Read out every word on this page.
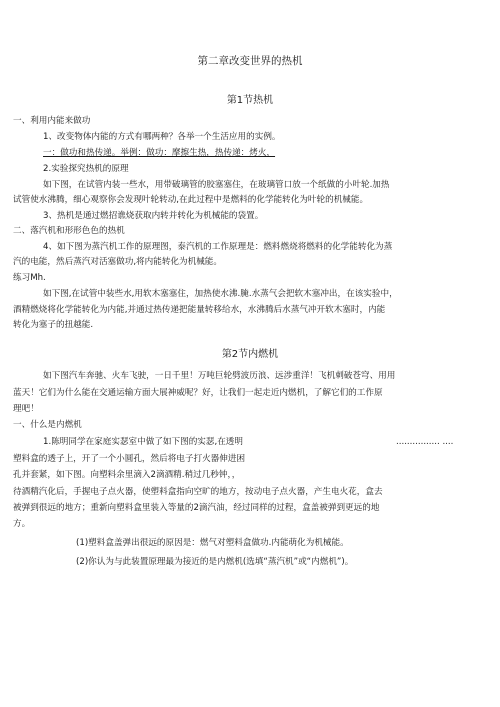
第二章改变世界的热机
第1节热机
一、利用内能来做功
1、改变物体内能的方式有哪两种？各举一个生活应用的实例。
一：做功和热传递。举例：做功：摩擦生热，热传递：烤火，
2.实验探究热机的原理
如下图，在试管内装一些水，用带破璃管的胶塞塞住，在玻璃管口放一个纸做的小叶轮.加热
试管使水沸腾，细心观察你会发现叶轮转动,在此过程中是燃料的化学能转化为叶轮的机械能。
3、热机是通过燃招谯烧获取内转并转化为机械能的袋置。
二、落汽机和形形色色的热机
4、如下图为蒸汽机工作的原理图，泰汽机的工作原理是：燃料燃烧将燃料的化学能转化为蒸
汽的电能，然后蒸汽对活塞做功,将内能转化为机械能。
练习Mh.
如下图,在试管中装些水,用软木塞塞住，加热使水沸.腌.水蒸气会把软木塞冲出，在该实验中，
酒精燃烧将化学能转化为内能,并通过热传递把能量转移给水，水沸腾后水蒸气冲开软木塞时，内能
转化为塞子的扭越能.
第2节内燃机
如下图汽车奔驰、火车飞驶，一日千里！万吨巨轮劈波历浪、远涉重洋！飞机刺破苍穹、用用
蓝天！它们为什么能在交通运输方面大展神威呢？好，让我们一起走近内燃机，了解它们的工作原
理吧！
一、什么是内燃机
1.陈明同学在家庭实瑟室中做了如下图的实瑟,在透明	................ ....
塑料盒的透子上，开了一个小圆孔，然后将电子打火器伸进困
孔并套紧，如下图。向塑料余里滴入2滴酒精.稍过几秒钟，，
待酒精汽化后，手握电子点火器，使塑料盒指向空旷的地方，按动电子点火器，产生电火花，盒去
被弹到很远的地方；重新向塑料盒里装入等量的2滴汽油，经过同样的过程，盒盖被弹到更远的地
方。
(1)塑料盒盖弹出很远的原因是：燃气对塑料盒做功.内能萌化为机械能。
(2)你认为与此装置原理最为接近的是内燃机(选填“蒸汽机”或“内燃机”)。
